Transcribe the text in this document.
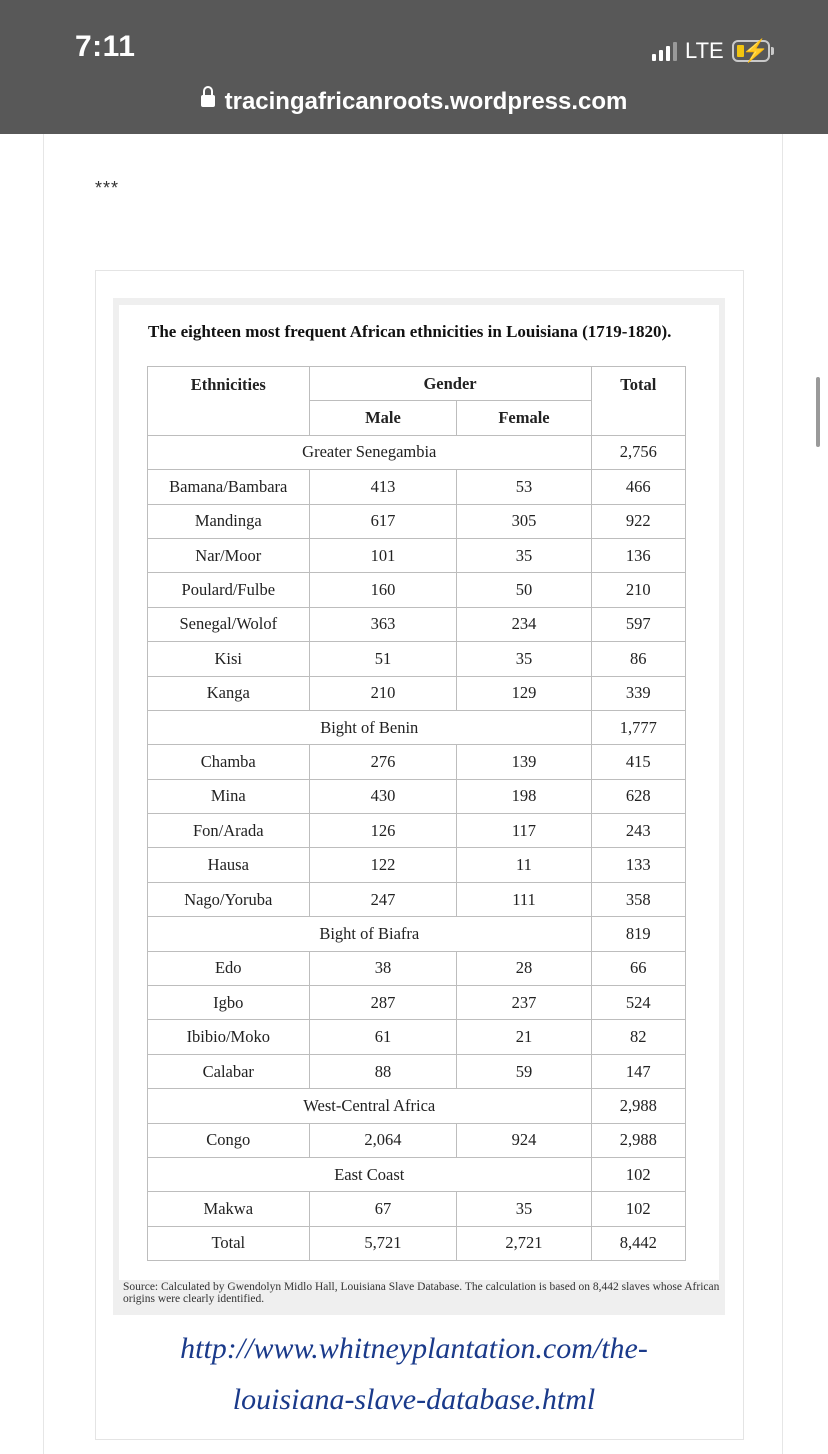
7:11	LTE ⚡
tracingafricanroots.wordpress.com
***
The eighteen most frequent African ethnicities in Louisiana (1719-1820).
Ethnicities	Gender		Total
	Male	Female	
Greater Senegambia			2,756
Bamana/Bambara	413	53	466
Mandinga	617	305	922
Nar/Moor	101	35	136
Poulard/Fulbe	160	50	210
Senegal/Wolof	363	234	597
Kisi	51	35	86
Kanga	210	129	339
Bight of Benin			1,777
Chamba	276	139	415
Mina	430	198	628
Fon/Arada	126	117	243
Hausa	122	11	133
Nago/Yoruba	247	111	358
Bight of Biafra			819
Edo	38	28	66
Igbo	287	237	524
Ibibio/Moko	61	21	82
Calabar	88	59	147
West-Central Africa			2,988
Congo	2,064	924	2,988
East Coast			102
Makwa	67	35	102
Total	5,721	2,721	8,442
Source: Calculated by Gwendolyn Midlo Hall, Louisiana Slave Database. The calculation is based on 8,442 slaves whose African origins were clearly identified.
http://www.whitneyplantation.com/the-
louisiana-slave-database.html
